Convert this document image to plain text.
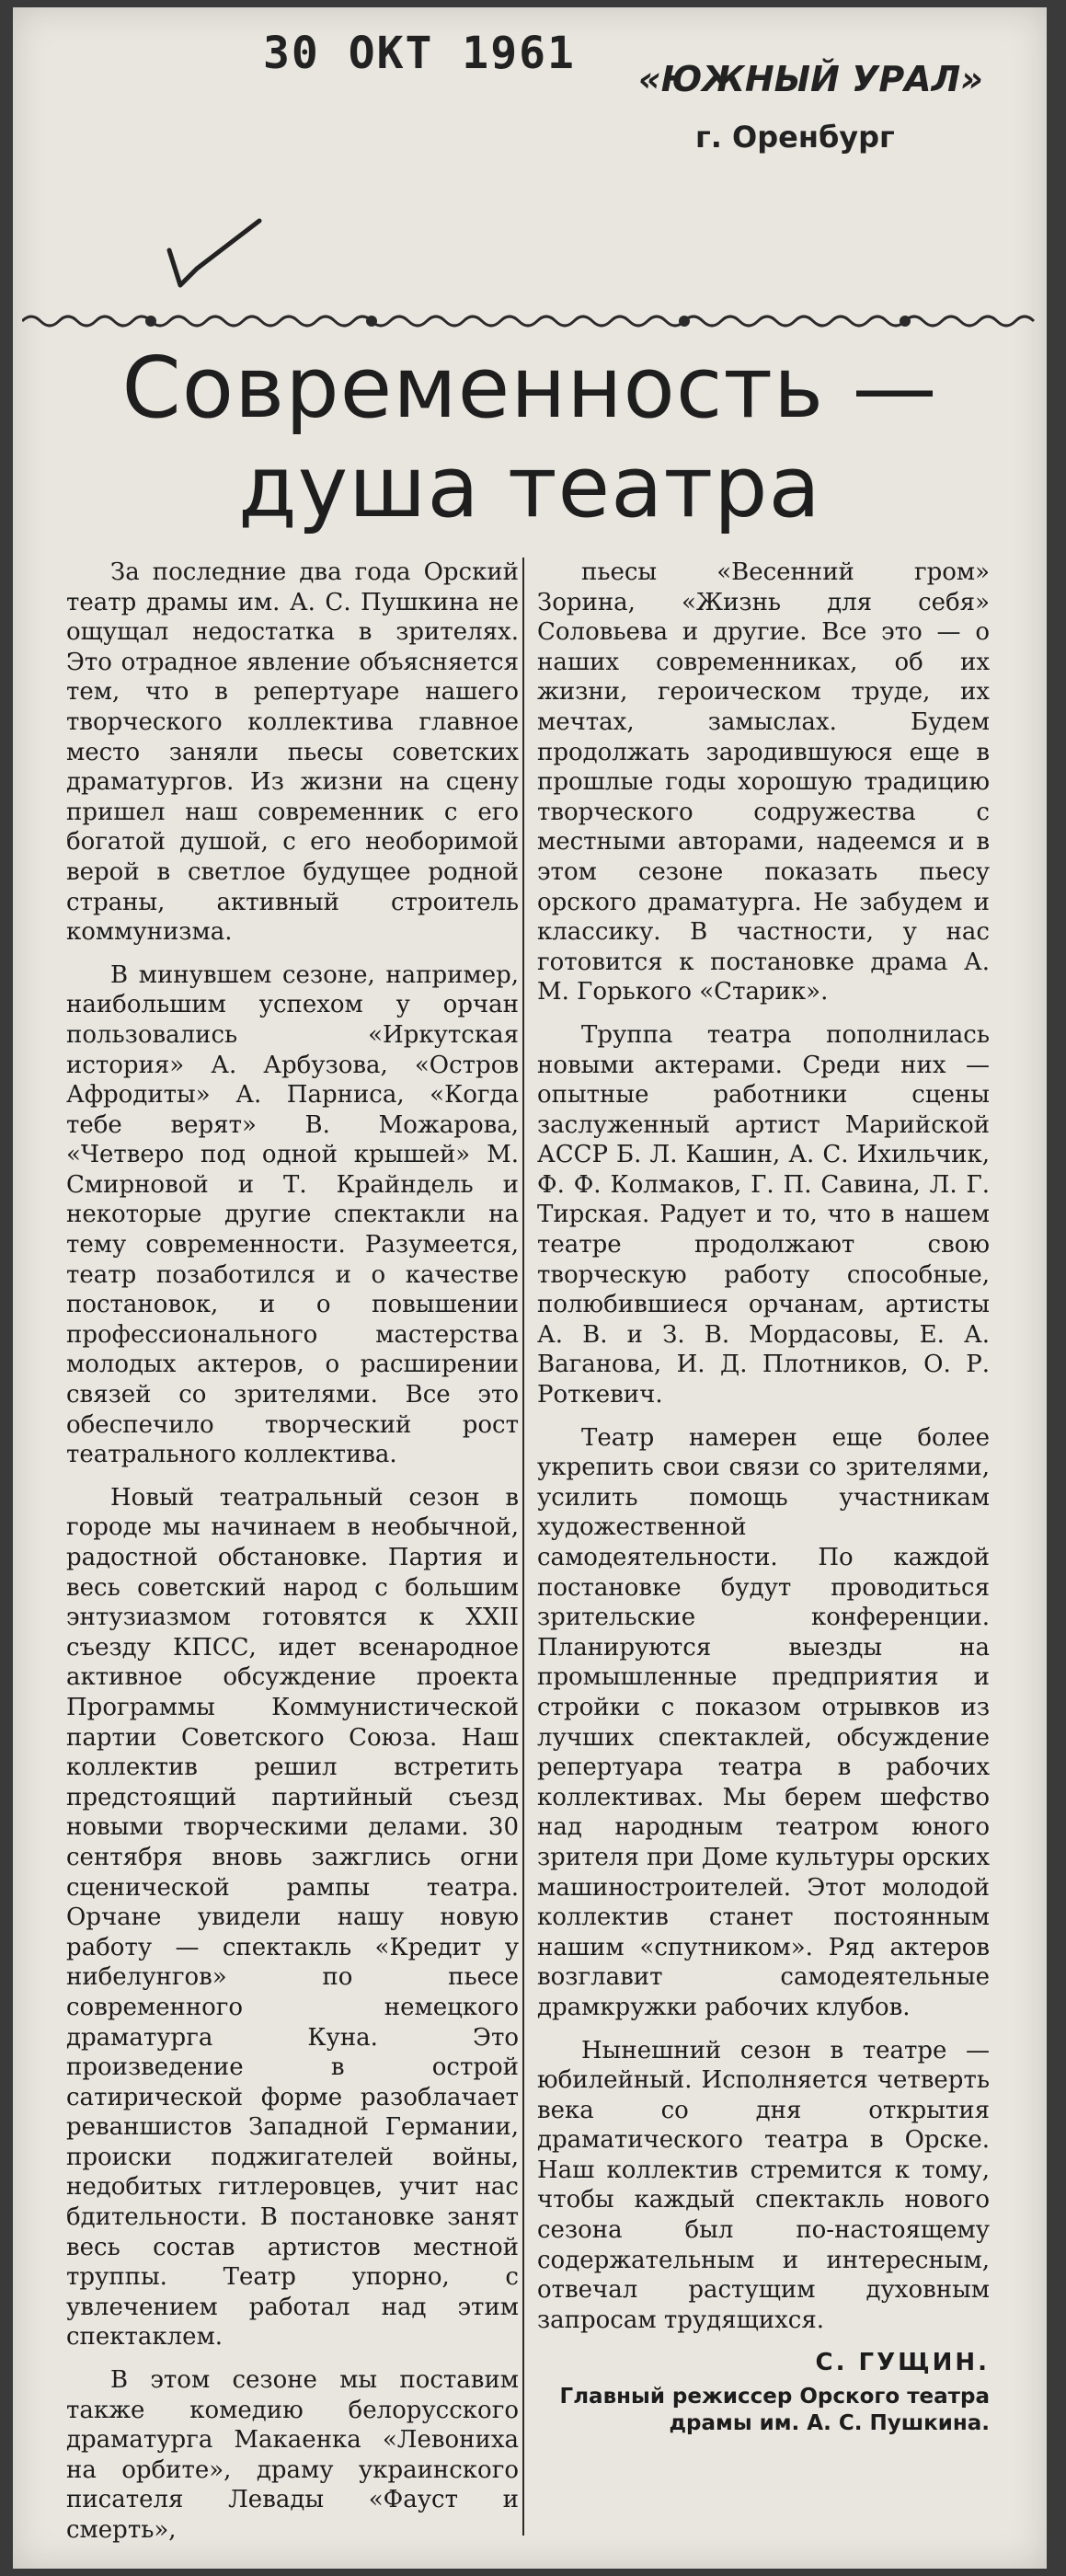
30 ОКТ 1961 «ЮЖНЫЙ УРАЛ»
г. Оренбург
Современность —
душа театра

За последние два года Орский театр драмы им. А. С. Пушкина не ощущал недостатка в зрителях. Это отрадное явление объясняется тем, что в репертуаре нашего творческого коллектива главное место заняли пьесы советских драматургов. Из жизни на сцену пришел наш современник с его богатой душой, с его необоримой верой в светлое будущее родной страны, активный строитель коммунизма.

В минувшем сезоне, например, наибольшим успехом у орчан пользовались «Иркутская история» А. Арбузова, «Остров Афродиты» А. Парниса, «Когда тебе верят» В. Можарова, «Четверо под одной крышей» М. Смирновой и Т. Крайндель и некоторые другие спектакли на тему современности. Разумеется, театр позаботился и о качестве постановок, и о повышении профессионального мастерства молодых актеров, о расширении связей со зрителями. Все это обеспечило творческий рост театрального коллектива.

Новый театральный сезон в городе мы начинаем в необычной, радостной обстановке. Партия и весь советский народ с большим энтузиазмом готовятся к XXII съезду КПСС, идет всенародное активное обсуждение проекта Программы Коммунистической партии Советского Союза. Наш коллектив решил встретить предстоящий партийный съезд новыми творческими делами. 30 сентября вновь зажглись огни сценической рампы театра. Орчане увидели нашу новую работу — спектакль «Кредит у нибелунгов» по пьесе современного немецкого драматурга Куна. Это произведение в острой сатирической форме разоблачает реваншистов Западной Германии, происки поджигателей войны, недобитых гитлеровцев, учит нас бдительности. В постановке занят весь состав артистов местной труппы. Театр упорно, с увлечением работал над этим спектаклем.

В этом сезоне мы поставим также комедию белорусского драматурга Макаенка «Левониха на орбите», драму украинского писателя Левады «Фауст и смерть»,

пьесы «Весенний гром» Зорина, «Жизнь для себя» Соловьева и другие. Все это — о наших современниках, об их жизни, героическом труде, их мечтах, замыслах. Будем продолжать зародившуюся еще в прошлые годы хорошую традицию творческого содружества с местными авторами, надеемся и в этом сезоне показать пьесу орского драматурга. Не забудем и классику. В частности, у нас готовится к постановке драма А. М. Горького «Старик».

Труппа театра пополнилась новыми актерами. Среди них — опытные работники сцены заслуженный артист Марийской АССР Б. Л. Кашин, А. С. Ихильчик, Ф. Ф. Колмаков, Г. П. Савина, Л. Г. Тирская. Радует и то, что в нашем театре продолжают свою творческую работу способные, полюбившиеся орчанам, артисты А. В. и З. В. Мордасовы, Е. А. Ваганова, И. Д. Плотников, О. Р. Роткевич.

Театр намерен еще более укрепить свои связи со зрителями, усилить помощь участникам художественной самодеятельности. По каждой постановке будут проводиться зрительские конференции. Планируются выезды на промышленные предприятия и стройки с показом отрывков из лучших спектаклей, обсуждение репертуара театра в рабочих коллективах. Мы берем шефство над народным театром юного зрителя при Доме культуры орских машиностроителей. Этот молодой коллектив станет постоянным нашим «спутником». Ряд актеров возглавит самодеятельные драмкружки рабочих клубов.

Нынешний сезон в театре — юбилейный. Исполняется четверть века со дня открытия драматического театра в Орске. Наш коллектив стремится к тому, чтобы каждый спектакль нового сезона был по-настоящему содержательным и интересным, отвечал растущим духовным запросам трудящихся.

С. ГУЩИН.
Главный режиссер Орского театра драмы им. А. С. Пушкина.
